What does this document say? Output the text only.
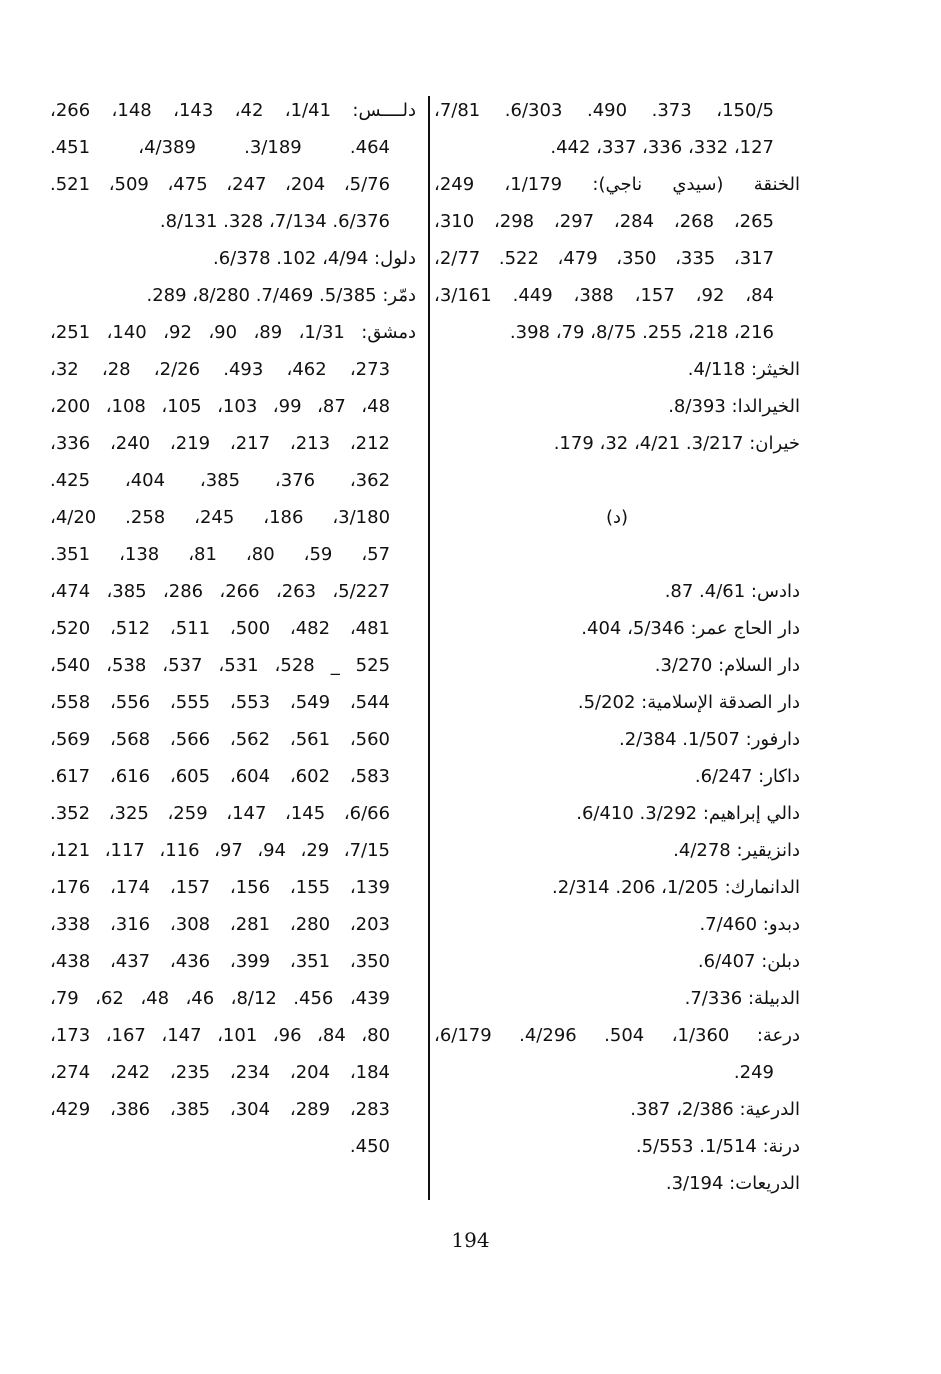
150/5، 373. 490. 6/303. 7/81،
127، 332، 336، 337، 442.
الخنقة (سيدي ناجي): 1/179، 249،
265، 268، 284، 297، 298، 310،
317، 335، 350، 479، 522. 2/77،
84، 92، 157، 388، 449. 3/161،
216، 218، 255. 8/75، 79، 398.
الخيثر: 4/118.
الخيرالدا: 8/393.
خيران: 3/217. 4/21، 32، 179.
(د)
دادس: 4/61. 87.
دار الحاج عمر: 5/346، 404.
دار السلام: 3/270.
دار الصدقة الإسلامية: 5/202.
دارفور: 1/507. 2/384.
داكار: 6/247.
دالي إبراهيم: 3/292. 6/410.
دانزيقير: 4/278.
الدانمارك: 1/205، 206. 2/314.
دبدو: 7/460.
دبلن: 6/407.
الدبيلة: 7/336.
درعة: 1/360، 504. 4/296. 6/179،
249.
الدرعية: 2/386، 387.
درنة: 1/514. 5/553.
الدريعات: 3/194.
دلــــس: 1/41، 42، 143، 148، 266،
464. 3/189. 4/389، 451.
5/76، 204، 247، 475، 509، 521.
6/376. 7/134، 328. 8/131.
دلول: 4/94، 102. 6/378.
دمّر: 5/385. 7/469. 8/280، 289.
دمشق: 1/31، 89، 90، 92، 140، 251،
273، 462، 493. 2/26، 28، 32،
48، 87، 99، 103، 105، 108، 200،
212، 213، 217، 219، 240، 336،
362، 376، 385، 404، 425.
3/180، 186، 245، 258. 4/20،
57، 59، 80، 81، 138، 351.
5/227، 263، 266، 286، 385، 474،
481، 482، 500، 511، 512، 520،
525 _ 528، 531، 537، 538، 540،
544، 549، 553، 555، 556، 558،
560، 561، 562، 566، 568، 569،
583، 602، 604، 605، 616، 617.
6/66، 145، 147، 259، 325، 352.
7/15، 29، 94، 97، 116، 117، 121،
139، 155، 156، 157، 174، 176،
203، 280، 281، 308، 316، 338،
350، 351، 399، 436، 437، 438،
439، 456. 8/12، 46، 48، 62، 79،
80، 84، 96، 101، 147، 167، 173،
184، 204، 234، 235، 242، 274،
283، 289، 304، 385، 386، 429،
450.
194
